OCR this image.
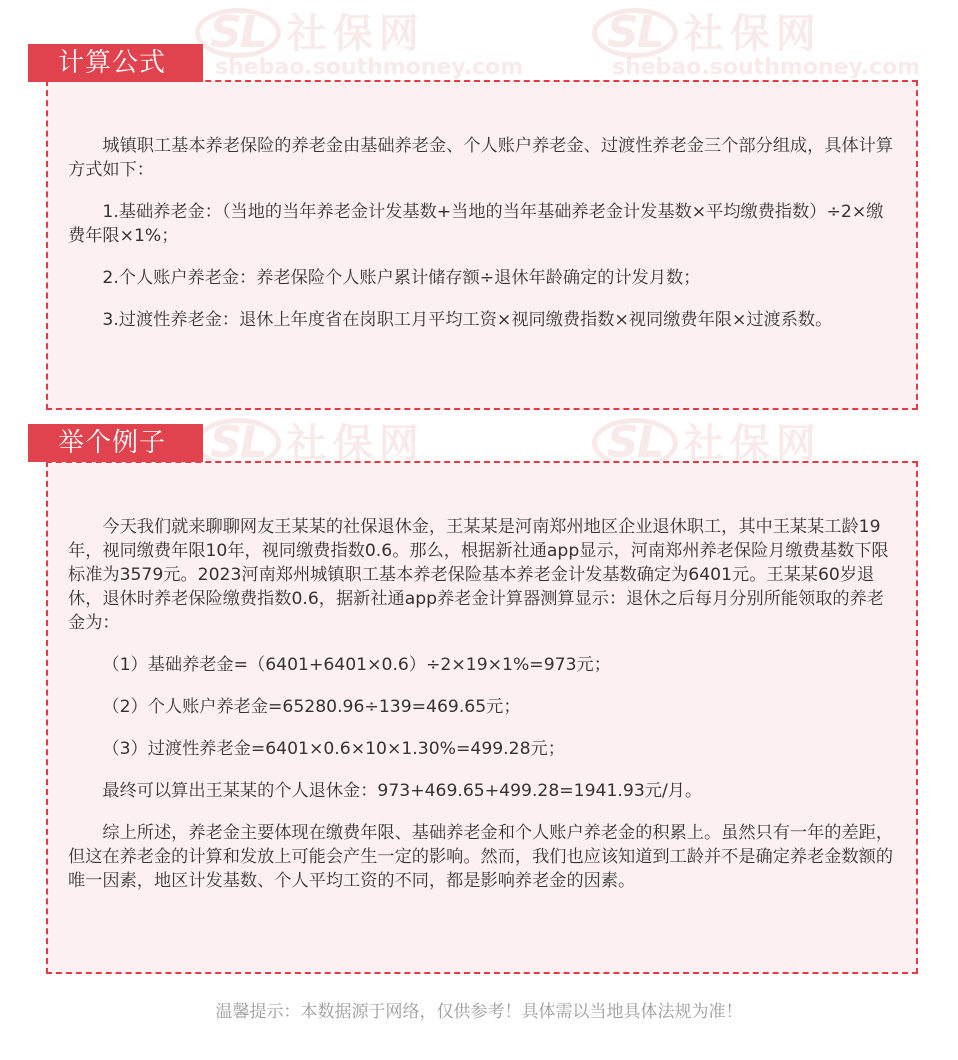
SL 社保网
shebao.southmoney.com
SL 社保网
shebao.southmoney.com
SL 社保网	SL 社保网
计算公式

城镇职工基本养老保险的养老金由基础养老金、个人账户养老金、过渡性养老金三个部分组成，具体计算方式如下：

1.基础养老金：（当地的当年养老金计发基数+当地的当年基础养老金计发基数×平均缴费指数）÷2×缴费年限×1%；

2.个人账户养老金：养老保险个人账户累计储存额÷退休年龄确定的计发月数；

3.过渡性养老金：退休上年度省在岗职工月平均工资×视同缴费指数×视同缴费年限×过渡系数。

举个例子

今天我们就来聊聊网友王某某的社保退休金，王某某是河南郑州地区企业退休职工，其中王某某工龄19年，视同缴费年限10年，视同缴费指数0.6。那么，根据新社通app显示，河南郑州养老保险月缴费基数下限标准为3579元。2023河南郑州城镇职工基本养老保险基本养老金计发基数确定为6401元。王某某60岁退休，退休时养老保险缴费指数0.6，据新社通app养老金计算器测算显示：退休之后每月分别所能领取的养老金为：

（1）基础养老金=（6401+6401×0.6）÷2×19×1%=973元；

（2）个人账户养老金=65280.96÷139=469.65元；

（3）过渡性养老金=6401×0.6×10×1.30%=499.28元；

最终可以算出王某某的个人退休金：973+469.65+499.28=1941.93元/月。

综上所述，养老金主要体现在缴费年限、基础养老金和个人账户养老金的积累上。虽然只有一年的差距，但这在养老金的计算和发放上可能会产生一定的影响。然而，我们也应该知道到工龄并不是确定养老金数额的唯一因素，地区计发基数、个人平均工资的不同，都是影响养老金的因素。

温馨提示：本数据源于网络，仅供参考！具体需以当地具体法规为准！
